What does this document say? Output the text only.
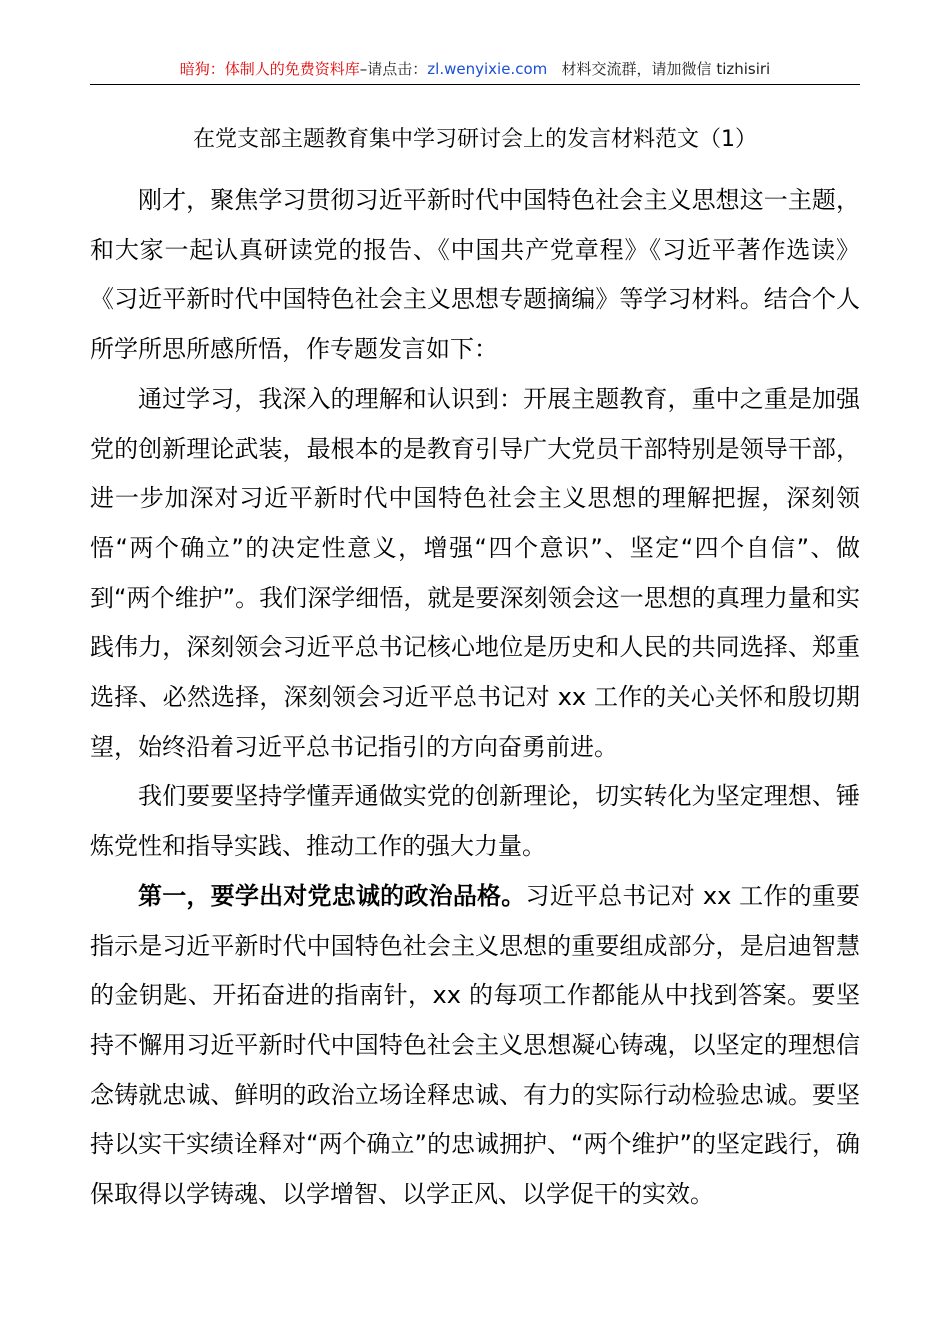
暗狗：体制人的免费资料库–请点击：zl.wenyixie.com 材料交流群，请加微信 tizhisiri
在党支部主题教育集中学习研讨会上的发言材料范文（1）

刚才，聚焦学习贯彻习近平新时代中国特色社会主义思想这一主题，和大家一起认真研读党的报告、《中国共产党章程》《习近平著作选读》《习近平新时代中国特色社会主义思想专题摘编》等学习材料。结合个人所学所思所感所悟，作专题发言如下：

通过学习，我深入的理解和认识到：开展主题教育，重中之重是加强党的创新理论武装，最根本的是教育引导广大党员干部特别是领导干部，进一步加深对习近平新时代中国特色社会主义思想的理解把握，深刻领悟“两个确立”的决定性意义，增强“四个意识”、坚定“四个自信”、做到“两个维护”。我们深学细悟，就是要深刻领会这一思想的真理力量和实践伟力，深刻领会习近平总书记核心地位是历史和人民的共同选择、郑重选择、必然选择，深刻领会习近平总书记对 xx 工作的关心关怀和殷切期望，始终沿着习近平总书记指引的方向奋勇前进。

我们要要坚持学懂弄通做实党的创新理论，切实转化为坚定理想、锤炼党性和指导实践、推动工作的强大力量。

第一，要学出对党忠诚的政治品格。习近平总书记对 xx 工作的重要指示是习近平新时代中国特色社会主义思想的重要组成部分，是启迪智慧的金钥匙、开拓奋进的指南针，xx 的每项工作都能从中找到答案。要坚持不懈用习近平新时代中国特色社会主义思想凝心铸魂，以坚定的理想信念铸就忠诚、鲜明的政治立场诠释忠诚、有力的实际行动检验忠诚。要坚持以实干实绩诠释对“两个确立”的忠诚拥护、“两个维护”的坚定践行，确保取得以学铸魂、以学增智、以学正风、以学促干的实效。
